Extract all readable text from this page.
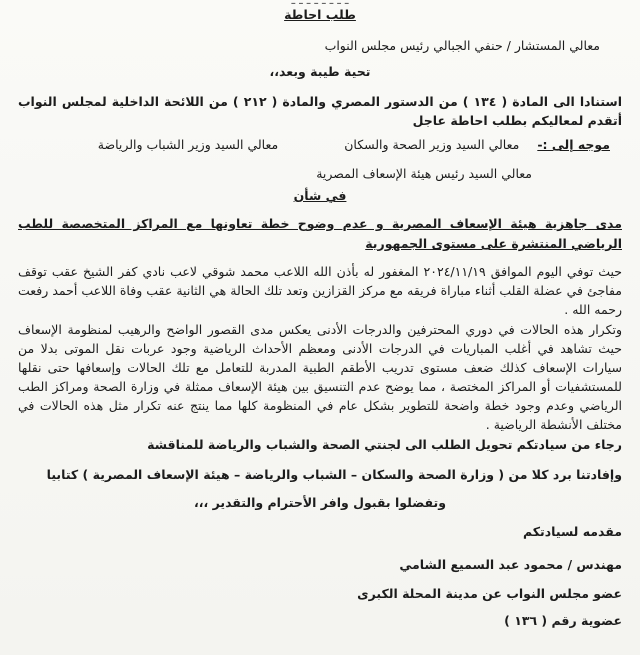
طلب احاطة
معالي المستشار / حنفي الجبالي رئيس مجلس النواب
تحية طيبة وبعد،،
استنادا الى المادة ( ١٣٤ ) من الدستور المصري والمادة ( ٢١٢ ) من اللائحة الداخلية لمجلس النواب أتقدم لمعاليكم بطلب احاطة عاجل
موجه إلى :- معالي السيد وزير الصحة والسكان معالي السيد وزير الشباب والرياضة
معالي السيد رئيس هيئة الإسعاف المصرية
في شأن
مدى جاهزية هيئة الإسعاف المصرية و عدم وضوح خطة تعاونها مع المراكز المتخصصة للطب الرياضي المنتشرة على مستوى الجمهورية
حيث توفي اليوم الموافق ٢٠٢٤/١١/١٩ المغفور له بأذن الله اللاعب محمد شوقي لاعب نادي كفر الشيخ عقب توقف مفاجئ في عضلة القلب أثناء مباراة فريقه مع مركز القزازين وتعد تلك الحالة هي الثانية عقب وفاة اللاعب أحمد رفعت رحمه الله .
وتكرار هذه الحالات في دوري المحترفين والدرجات الأدنى يعكس مدى القصور الواضح والرهيب لمنظومة الإسعاف حيث تشاهد في أغلب المباريات في الدرجات الأدنى ومعظم الأحداث الرياضية وجود عربات نقل الموتى بدلا من سيارات الإسعاف كذلك ضعف مستوى تدريب الأطقم الطبية المدربة للتعامل مع تلك الحالات وإسعافها حتى نقلها للمستشفيات أو المراكز المختصة ، مما يوضح عدم التنسيق بين هيئة الإسعاف ممثلة في وزارة الصحة ومراكز الطب الرياضي وعدم وجود خطة واضحة للتطوير بشكل عام في المنظومة كلها مما ينتج عنه تكرار مثل هذه الحالات في مختلف الأنشطة الرياضية .
رجاء من سيادتكم تحويل الطلب الى لجنتي الصحة والشباب والرياضة للمناقشة
وإفادتنا برد كلا من ( وزارة الصحة والسكان – الشباب والرياضة – هيئة الإسعاف المصرية ) كتابيا
وتفضلوا بقبول وافر الأحترام والتقدير ،،،
مقدمه لسيادتكم
مهندس / محمود عبد السميع الشامي
عضو مجلس النواب عن مدينة المحلة الكبرى
عضوية رقم ( ١٣٦ )
